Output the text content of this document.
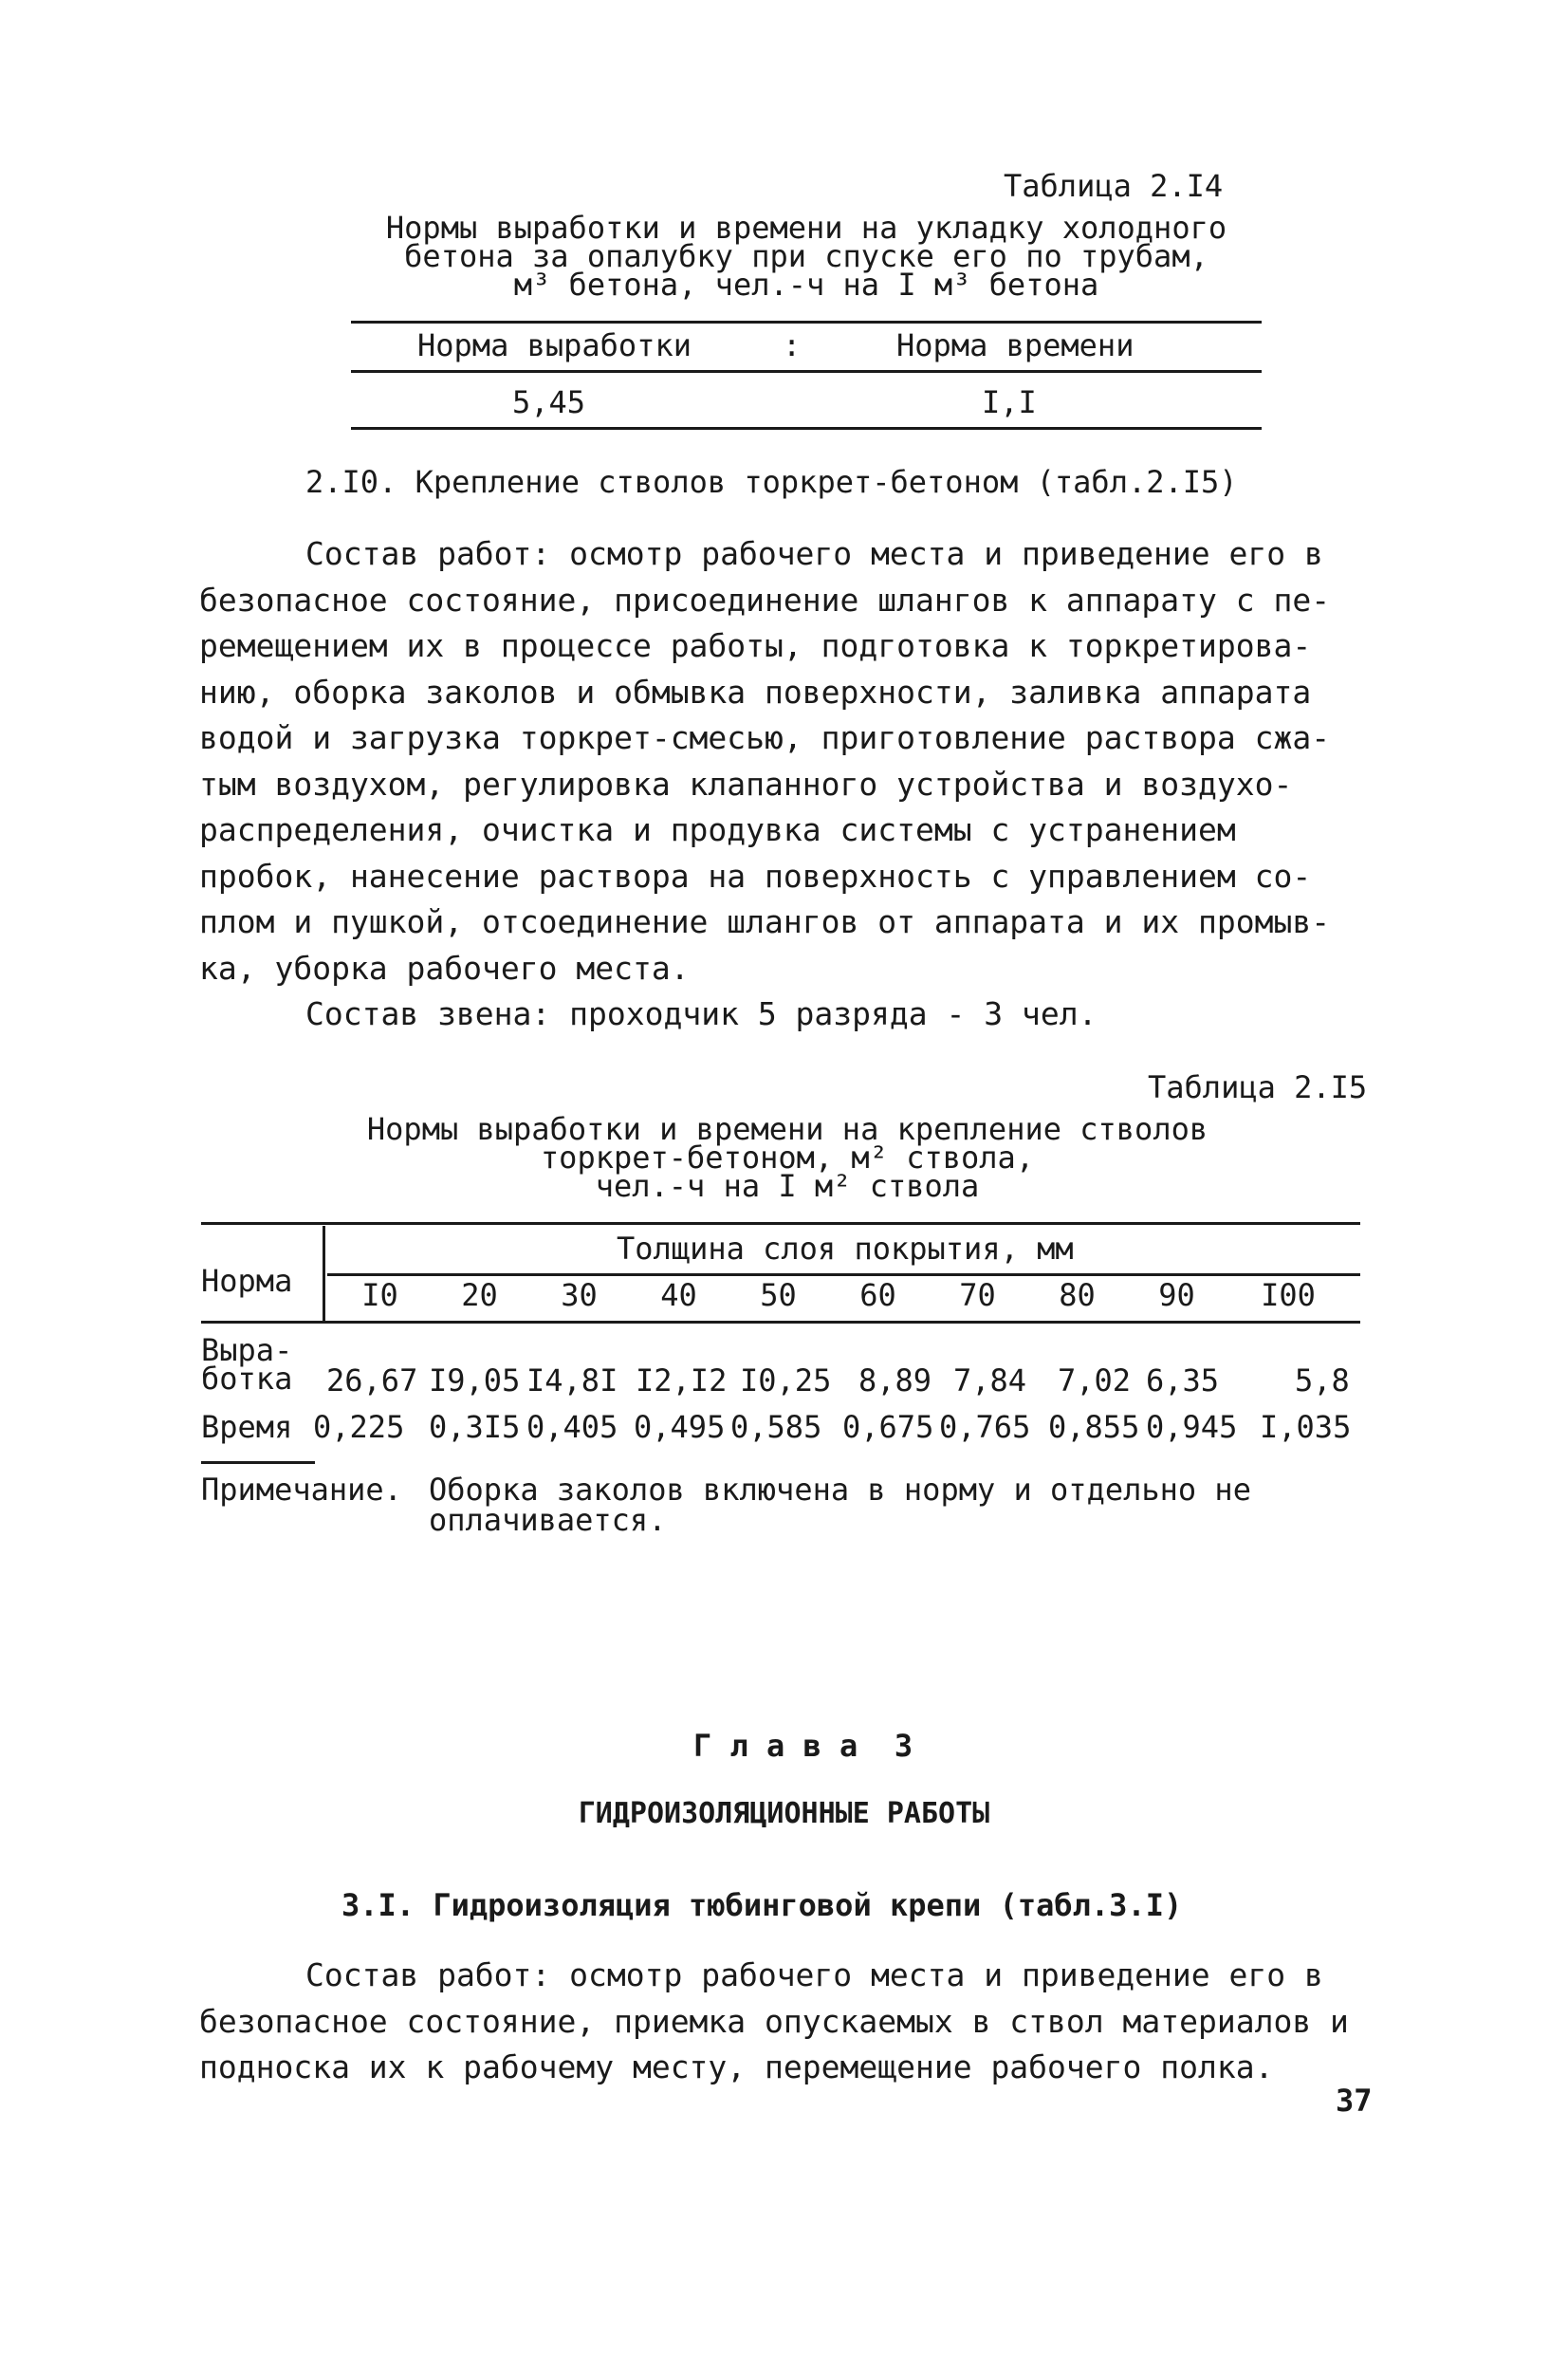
Таблица 2.I4
Нормы выработки и времени на укладку холодного
бетона за опалубку при спуске его по трубам,
м³ бетона, чел.-ч на I м³ бетона
Норма выработки	:	Норма времени
5,45	I,I
2.I0. Крепление стволов торкрет-бетоном (табл.2.I5)
Состав работ: осмотр рабочего места и приведение его в
безопасное состояние, присоединение шлангов к аппарату с пе-
ремещением их в процессе работы, подготовка к торкретирова-
нию, оборка заколов и обмывка поверхности, заливка аппарата
водой и загрузка торкрет-смесью, приготовление раствора сжа-
тым воздухом, регулировка клапанного устройства и воздухо-
распределения, очистка и продувка системы с устранением
пробок, нанесение раствора на поверхность с управлением со-
плом и пушкой, отсоединение шлангов от аппарата и их промыв-
ка, уборка рабочего места.
Состав звена: проходчик 5 разряда - 3 чел.
Таблица 2.I5
Нормы выработки и времени на крепление стволов
торкрет-бетоном, м² ствола,
чел.-ч на I м² ствола
Норма
Толщина слоя покрытия, мм
I0	20	30	40	50	60	70	80	90	I00
Выра-
ботка 26,67 I9,05 I4,8I I2,I2 I0,25 8,89 7,84 7,02 6,35 5,8
Время 0,225 0,3I5 0,405 0,495 0,585 0,675 0,765 0,855 0,945 I,035
Примечание. Оборка заколов включена в норму и отдельно не
оплачивается.
Г л а в а  3
ГИДРОИЗОЛЯЦИОННЫЕ РАБОТЫ
3.I. Гидроизоляция тюбинговой крепи (табл.3.I)
Состав работ: осмотр рабочего места и приведение его в
безопасное состояние, приемка опускаемых в ствол материалов и
подноска их к рабочему месту, перемещение рабочего полка.
37
